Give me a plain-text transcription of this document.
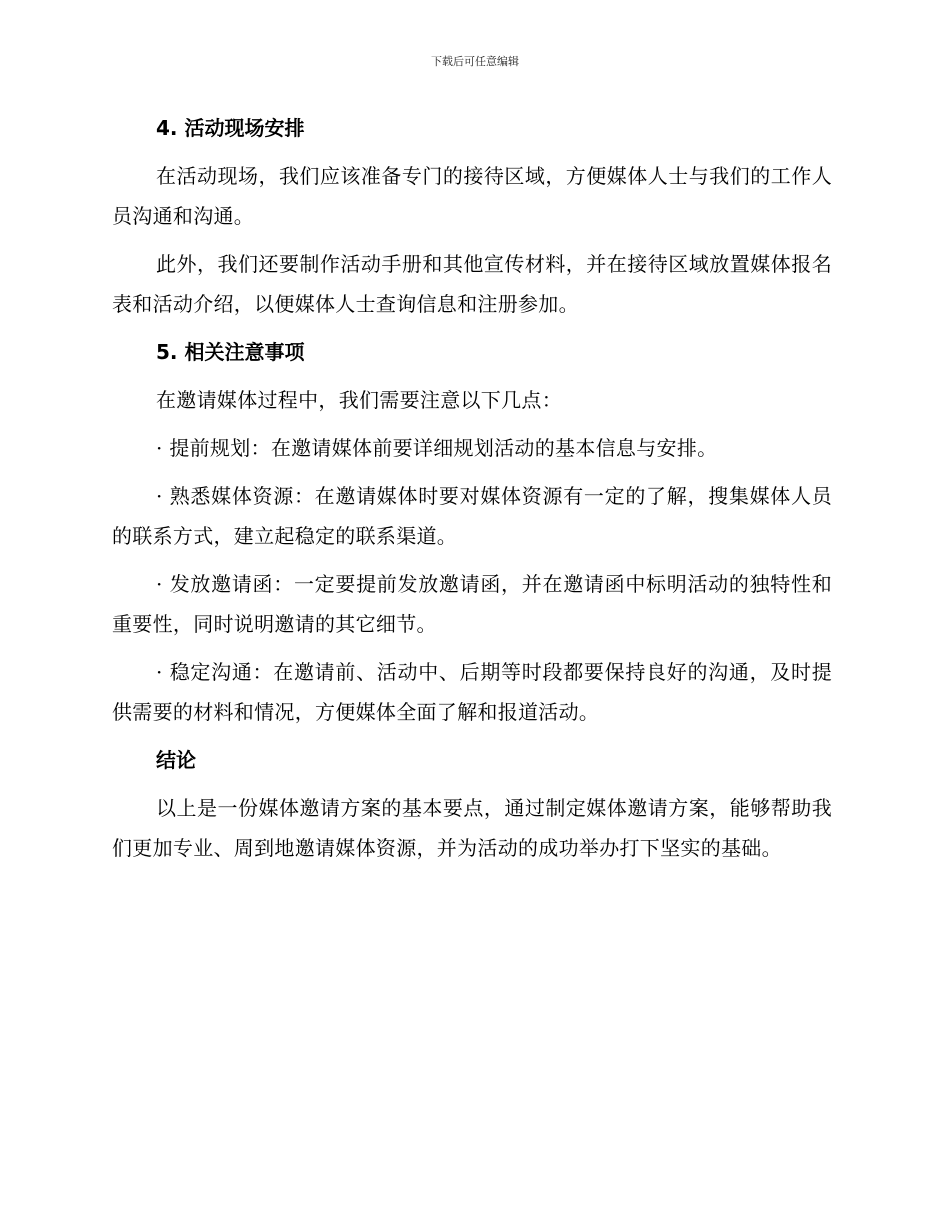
下载后可任意编辑
4. 活动现场安排

在活动现场，我们应该准备专门的接待区域，方便媒体人士与我们的工作人员沟通和沟通。

此外，我们还要制作活动手册和其他宣传材料，并在接待区域放置媒体报名表和活动介绍，以便媒体人士查询信息和注册参加。

5. 相关注意事项

在邀请媒体过程中，我们需要注意以下几点：

· 提前规划：在邀请媒体前要详细规划活动的基本信息与安排。

· 熟悉媒体资源：在邀请媒体时要对媒体资源有一定的了解，搜集媒体人员的联系方式，建立起稳定的联系渠道。

· 发放邀请函：一定要提前发放邀请函，并在邀请函中标明活动的独特性和重要性，同时说明邀请的其它细节。

· 稳定沟通：在邀请前、活动中、后期等时段都要保持良好的沟通，及时提供需要的材料和情况，方便媒体全面了解和报道活动。

结论

以上是一份媒体邀请方案的基本要点，通过制定媒体邀请方案，能够帮助我们更加专业、周到地邀请媒体资源，并为活动的成功举办打下坚实的基础。
